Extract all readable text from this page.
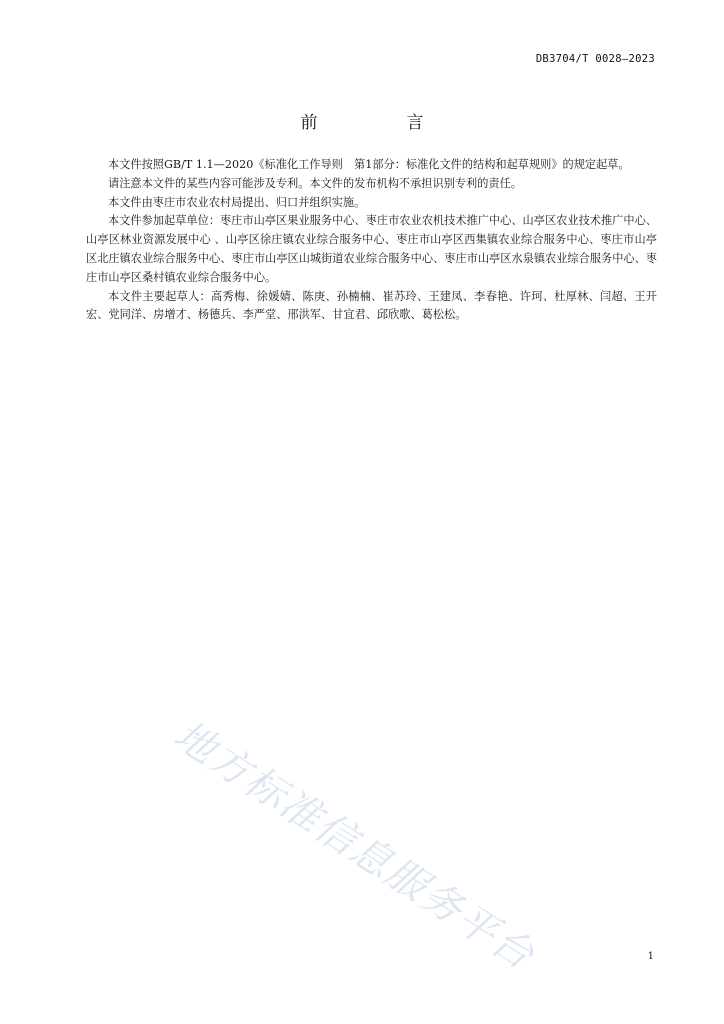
DB3704/T 0028—2023
前　言

本文件按照GB/T 1.1—2020《标准化工作导则　第1部分：标准化文件的结构和起草规则》的规定起草。

请注意本文件的某些内容可能涉及专利。本文件的发布机构不承担识别专利的责任。

本文件由枣庄市农业农村局提出、归口并组织实施。

本文件参加起草单位：枣庄市山亭区果业服务中心、枣庄市农业农机技术推广中心、山亭区农业技术推广中心、山亭区林业资源发展中心 、山亭区徐庄镇农业综合服务中心、枣庄市山亭区西集镇农业综合服务中心、枣庄市山亭区北庄镇农业综合服务中心、枣庄市山亭区山城街道农业综合服务中心、枣庄市山亭区水泉镇农业综合服务中心、枣庄市山亭区桑村镇农业综合服务中心。

本文件主要起草人：高秀梅、徐媛婧、陈庚、孙楠楠、崔苏玲、王建凤、李春艳、许珂、杜厚林、闫超、王开宏、党同洋、房增才、杨德兵、李严堂、邢洪军、甘宜君、邱欣歌、葛松松。

地方标准信息服务平台	1
